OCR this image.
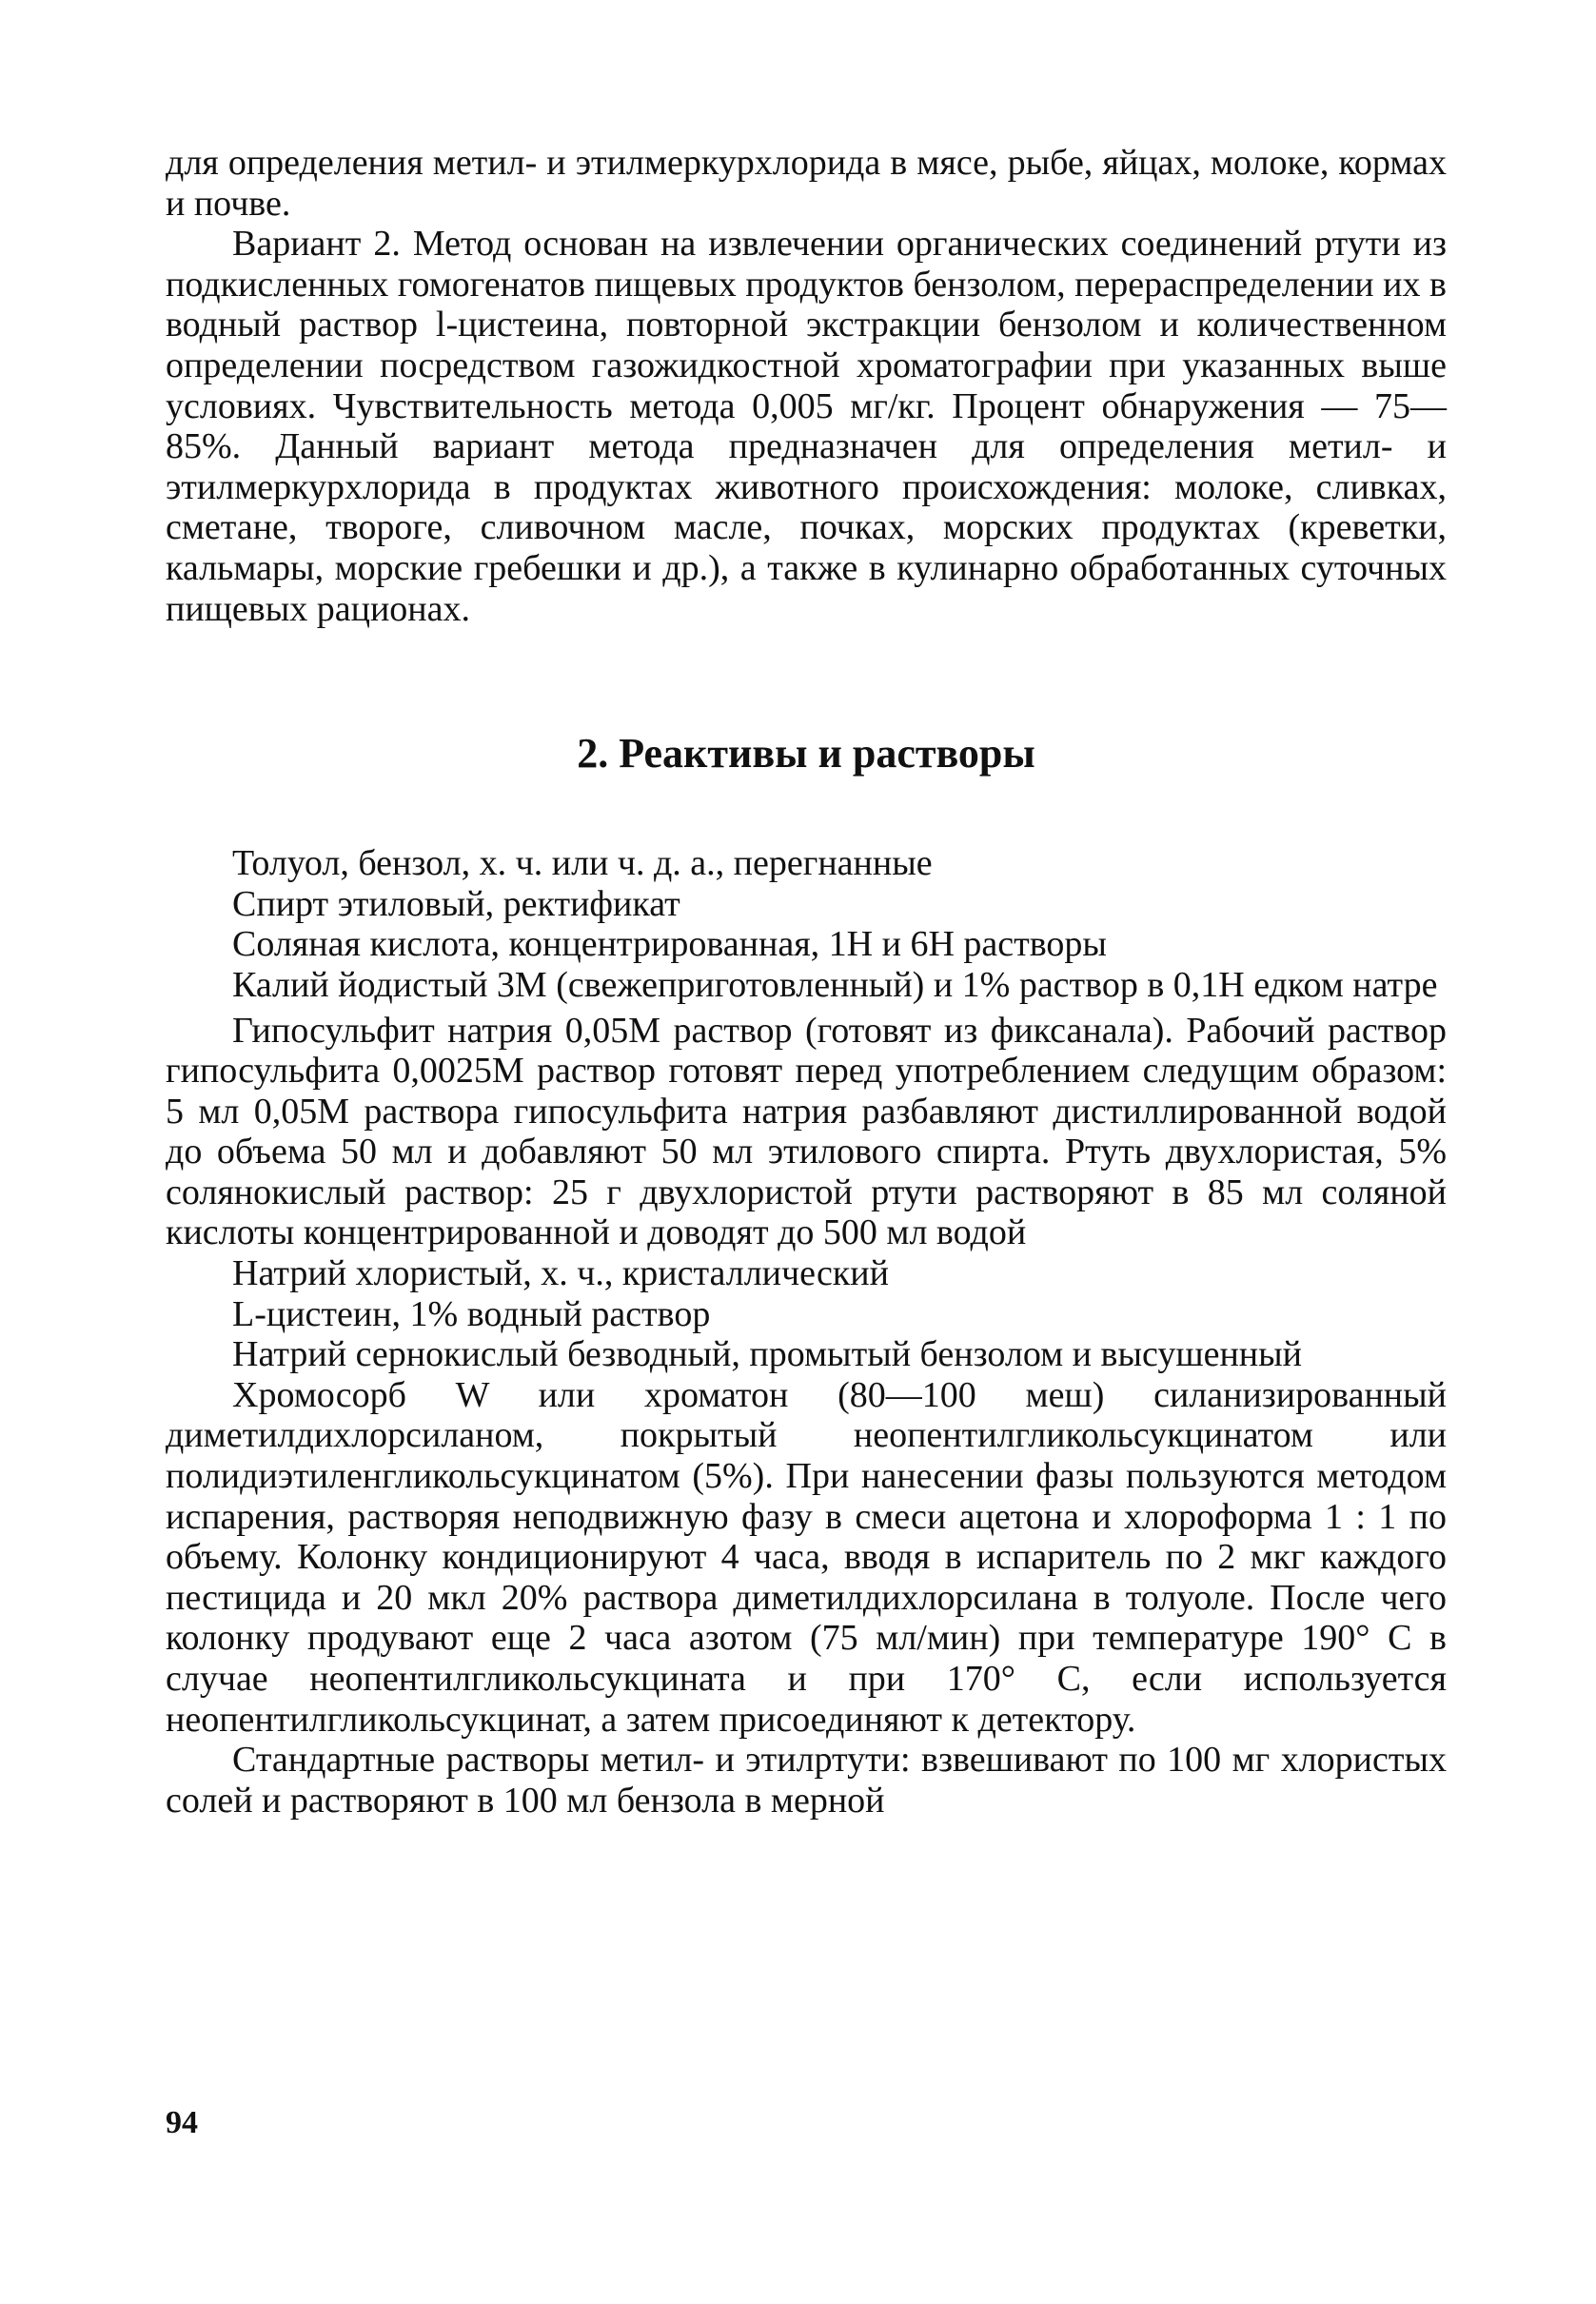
для определения метил- и этилмеркурхлорида в мясе, рыбе, яйцах, молоке, кормах и почве.

Вариант 2. Метод основан на извлечении органических соединений ртути из подкисленных гомогенатов пищевых продуктов бензолом, перераспределении их в водный раствор l-цистеина, повторной экстракции бензолом и количественном определении посредством газожидкостной хроматографии при указанных выше условиях. Чувствительность метода 0,005 мг/кг. Процент обнаружения — 75—85%. Данный вариант метода предназначен для определения метил- и этилмеркурхлорида в продуктах животного происхождения: молоке, сливках, сметане, твороге, сливочном масле, почках, морских продуктах (креветки, кальмары, морские гребешки и др.), а также в кулинарно обработанных суточных пищевых рационах.

2. Реактивы и растворы

Толуол, бензол, х. ч. или ч. д. а., перегнанные

Спирт этиловый, ректификат

Соляная кислота, концентрированная, 1Н и 6Н растворы

Калий йодистый 3М (свежеприготовленный) и 1% раствор в 0,1Н едком натре

Гипосульфит натрия 0,05М раствор (готовят из фиксанала). Рабочий раствор гипосульфита 0,0025М раствор готовят перед употреблением следущим образом: 5 мл 0,05М раствора гипосульфита натрия разбавляют дистиллированной водой до объема 50 мл и добавляют 50 мл этилового спирта. Ртуть двухлористая, 5% солянокислый раствор: 25 г двухлористой ртути растворяют в 85 мл соляной кислоты концентрированной и доводят до 500 мл водой

Натрий хлористый, х. ч., кристаллический

L-цистеин, 1% водный раствор

Натрий сернокислый безводный, промытый бензолом и высушенный

Хромосорб W или хроматон (80—100 меш) силанизированный диметилдихлорсиланом, покрытый неопентилгликольсукцинатом или полидиэтиленгликольсукцинатом (5%). При нанесении фазы пользуются методом испарения, растворяя неподвижную фазу в смеси ацетона и хлороформа 1 : 1 по объему. Колонку кондиционируют 4 часа, вводя в испаритель по 2 мкг каждого пестицида и 20 мкл 20% раствора диметилдихлорсилана в толуоле. После чего колонку продувают еще 2 часа азотом (75 мл/мин) при температуре 190° С в случае неопентилгликольсукцината и при 170° С, если используется неопентилгликольсукцинат, а затем присоединяют к детектору.

Стандартные растворы метил- и этилртути: взвешивают по 100 мг хлористых солей и растворяют в 100 мл бензола в мерной

94
